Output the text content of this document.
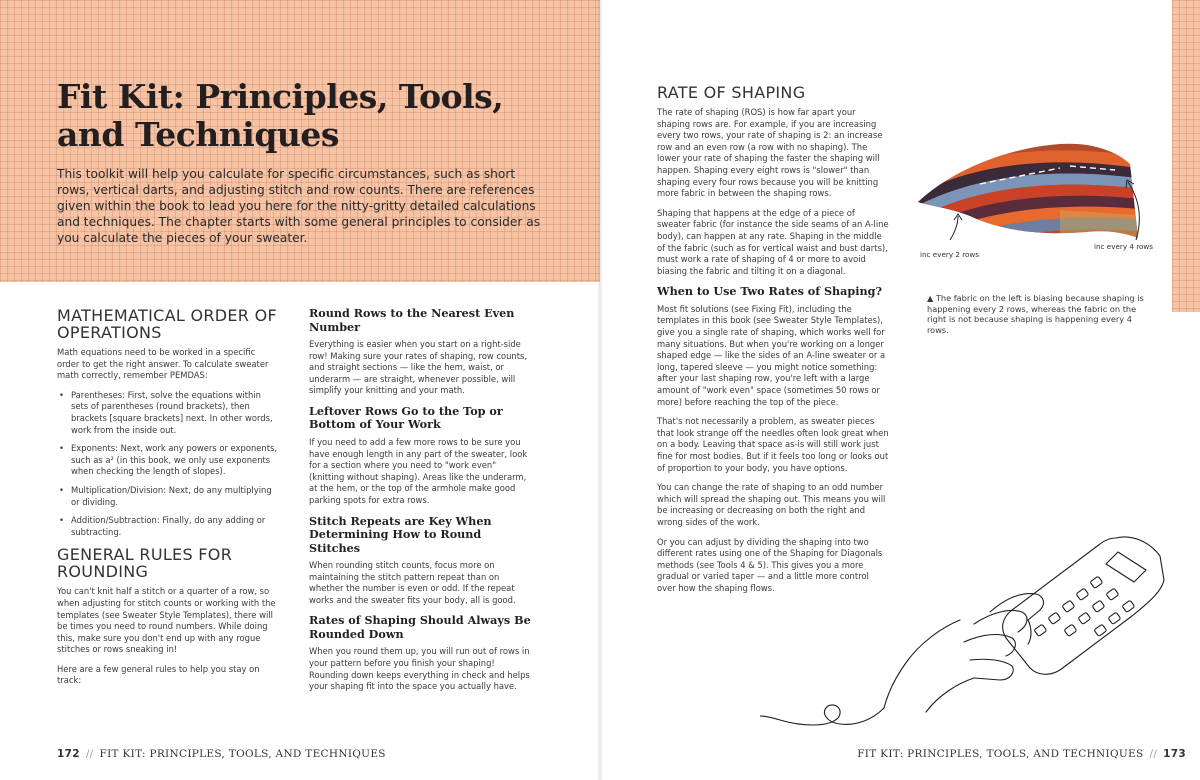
Fit Kit: Principles, Tools, and Techniques

This toolkit will help you calculate for specific circumstances, such as short rows, vertical darts, and adjusting stitch and row counts. There are references given within the book to lead you here for the nitty-gritty detailed calculations and techniques. The chapter starts with some general principles to consider as you calculate the pieces of your sweater.

MATHEMATICAL ORDER OF OPERATIONS

Math equations need to be worked in a specific order to get the right answer. To calculate sweater math correctly, remember PEMDAS:

• Parentheses: First, solve the equations within sets of parentheses (round brackets), then brackets [square brackets] next. In other words, work from the inside out.
• Exponents: Next, work any powers or exponents, such as a² (in this book, we only use exponents when checking the length of slopes).
• Multiplication/Division: Next, do any multiplying or dividing.
• Addition/Subtraction: Finally, do any adding or subtracting.
GENERAL RULES FOR ROUNDING

You can't knit half a stitch or a quarter of a row, so when adjusting for stitch counts or working with the templates (see Sweater Style Templates), there will be times you need to round numbers. While doing this, make sure you don't end up with any rogue stitches or rows sneaking in!

Here are a few general rules to help you stay on track:

Round Rows to the Nearest Even Number

Everything is easier when you start on a right-side row! Making sure your rates of shaping, row counts, and straight sections — like the hem, waist, or underarm — are straight, whenever possible, will simplify your knitting and your math.

Leftover Rows Go to the Top or Bottom of Your Work

If you need to add a few more rows to be sure you have enough length in any part of the sweater, look for a section where you need to "work even" (knitting without shaping). Areas like the underarm, at the hem, or the top of the armhole make good parking spots for extra rows.

Stitch Repeats are Key When Determining How to Round Stitches

When rounding stitch counts, focus more on maintaining the stitch pattern repeat than on whether the number is even or odd. If the repeat works and the sweater fits your body, all is good.

Rates of Shaping Should Always Be Rounded Down

When you round them up, you will run out of rows in your pattern before you finish your shaping! Rounding down keeps everything in check and helps your shaping fit into the space you actually have.

RATE OF SHAPING

The rate of shaping (ROS) is how far apart your shaping rows are. For example, if you are increasing every two rows, your rate of shaping is 2: an increase row and an even row (a row with no shaping). The lower your rate of shaping the faster the shaping will happen. Shaping every eight rows is "slower" than shaping every four rows because you will be knitting more fabric in between the shaping rows.

Shaping that happens at the edge of a piece of sweater fabric (for instance the side seams of an A-line body), can happen at any rate. Shaping in the middle of the fabric (such as for vertical waist and bust darts), must work a rate of shaping of 4 or more to avoid biasing the fabric and tilting it on a diagonal.

When to Use Two Rates of Shaping?

Most fit solutions (see Fixing Fit), including the templates in this book (see Sweater Style Templates), give you a single rate of shaping, which works well for many situations. But when you're working on a longer shaped edge — like the sides of an A-line sweater or a long, tapered sleeve — you might notice something: after your last shaping row, you're left with a large amount of "work even" space (sometimes 50 rows or more) before reaching the top of the piece.

That's not necessarily a problem, as sweater pieces that look strange off the needles often look great when on a body. Leaving that space as-is will still work just fine for most bodies. But if it feels too long or looks out of proportion to your body, you have options.

You can change the rate of shaping to an odd number which will spread the shaping out. This means you will be increasing or decreasing on both the right and wrong sides of the work.

Or you can adjust by dividing the shaping into two different rates using one of the Shaping for Diagonals methods (see Tools 4 & 5). This gives you a more gradual or varied taper — and a little more control over how the shaping flows.

inc every 2 rows
inc every 4 rows

▲ The fabric on the left is biasing because shaping is happening every 2 rows, whereas the fabric on the right is not because shaping is happening every 4 rows.

172 // FIT KIT: PRINCIPLES, TOOLS, AND TECHNIQUES	FIT KIT: PRINCIPLES, TOOLS, AND TECHNIQUES // 173
